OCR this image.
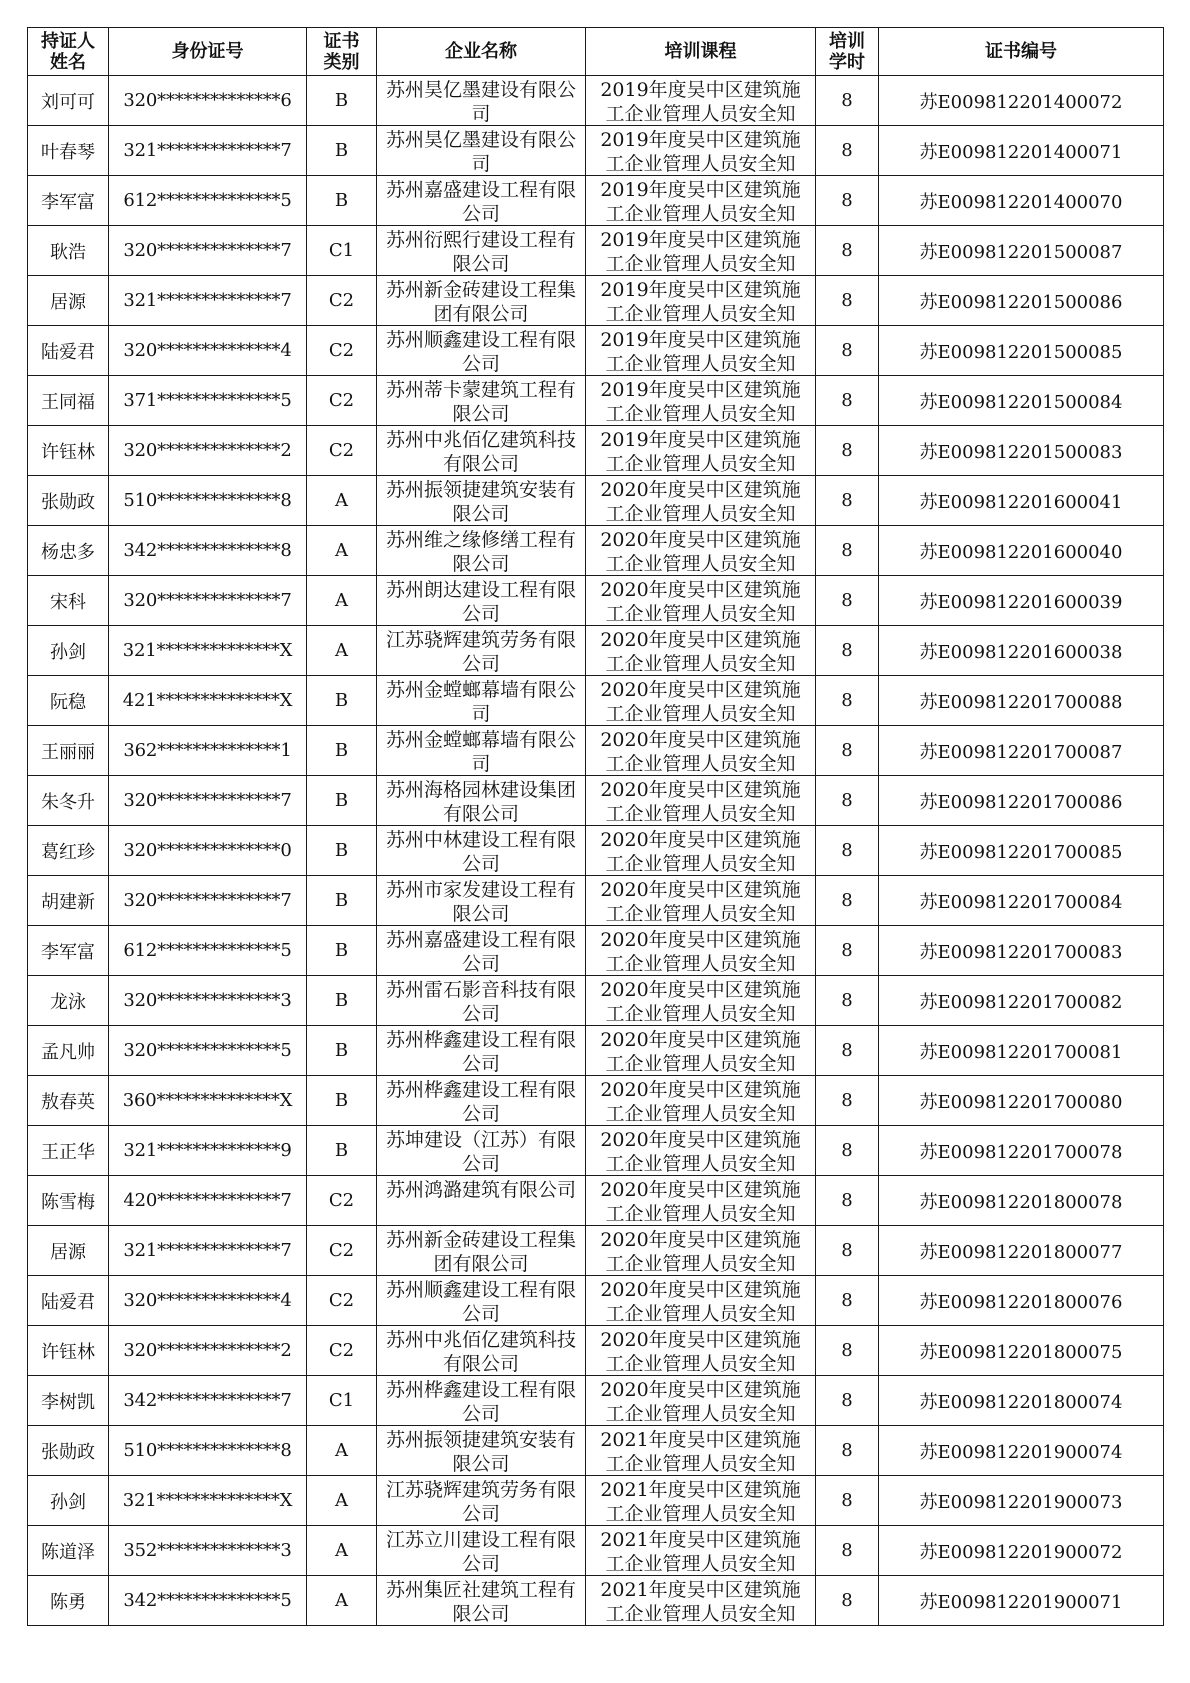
持证人姓名	身份证号	证书类别	企业名称	培训课程	培训学时	证书编号

刘可可	320**************6	B	苏州昊亿墨建设有限公司	2019年度吴中区建筑施工企业管理人员安全知	8	苏E009812201400072
叶春琴	321**************7	B	苏州昊亿墨建设有限公司	2019年度吴中区建筑施工企业管理人员安全知	8	苏E009812201400071
李军富	612**************5	B	苏州嘉盛建设工程有限公司	2019年度吴中区建筑施工企业管理人员安全知	8	苏E009812201400070
耿浩	320**************7	C1	苏州衍熙行建设工程有限公司	2019年度吴中区建筑施工企业管理人员安全知	8	苏E009812201500087
居源	321**************7	C2	苏州新金砖建设工程集团有限公司	2019年度吴中区建筑施工企业管理人员安全知	8	苏E009812201500086
陆爱君	320**************4	C2	苏州顺鑫建设工程有限公司	2019年度吴中区建筑施工企业管理人员安全知	8	苏E009812201500085
王同福	371**************5	C2	苏州蒂卡蒙建筑工程有限公司	2019年度吴中区建筑施工企业管理人员安全知	8	苏E009812201500084
许钰林	320**************2	C2	苏州中兆佰亿建筑科技有限公司	2019年度吴中区建筑施工企业管理人员安全知	8	苏E009812201500083
张勋政	510**************8	A	苏州振领捷建筑安装有限公司	2020年度吴中区建筑施工企业管理人员安全知	8	苏E009812201600041
杨忠多	342**************8	A	苏州维之缘修缮工程有限公司	2020年度吴中区建筑施工企业管理人员安全知	8	苏E009812201600040
宋科	320**************7	A	苏州朗达建设工程有限公司	2020年度吴中区建筑施工企业管理人员安全知	8	苏E009812201600039
孙剑	321**************X	A	江苏骁辉建筑劳务有限公司	2020年度吴中区建筑施工企业管理人员安全知	8	苏E009812201600038
阮稳	421**************X	B	苏州金螳螂幕墙有限公司	2020年度吴中区建筑施工企业管理人员安全知	8	苏E009812201700088
王丽丽	362**************1	B	苏州金螳螂幕墙有限公司	2020年度吴中区建筑施工企业管理人员安全知	8	苏E009812201700087
朱冬升	320**************7	B	苏州海格园林建设集团有限公司	2020年度吴中区建筑施工企业管理人员安全知	8	苏E009812201700086
葛红珍	320**************0	B	苏州中林建设工程有限公司	2020年度吴中区建筑施工企业管理人员安全知	8	苏E009812201700085
胡建新	320**************7	B	苏州市家发建设工程有限公司	2020年度吴中区建筑施工企业管理人员安全知	8	苏E009812201700084
李军富	612**************5	B	苏州嘉盛建设工程有限公司	2020年度吴中区建筑施工企业管理人员安全知	8	苏E009812201700083
龙泳	320**************3	B	苏州雷石影音科技有限公司	2020年度吴中区建筑施工企业管理人员安全知	8	苏E009812201700082
孟凡帅	320**************5	B	苏州桦鑫建设工程有限公司	2020年度吴中区建筑施工企业管理人员安全知	8	苏E009812201700081
敖春英	360**************X	B	苏州桦鑫建设工程有限公司	2020年度吴中区建筑施工企业管理人员安全知	8	苏E009812201700080
王正华	321**************9	B	苏坤建设（江苏）有限公司	2020年度吴中区建筑施工企业管理人员安全知	8	苏E009812201700078
陈雪梅	420**************7	C2	苏州鸿潞建筑有限公司	2020年度吴中区建筑施工企业管理人员安全知	8	苏E009812201800078
居源	321**************7	C2	苏州新金砖建设工程集团有限公司	2020年度吴中区建筑施工企业管理人员安全知	8	苏E009812201800077
陆爱君	320**************4	C2	苏州顺鑫建设工程有限公司	2020年度吴中区建筑施工企业管理人员安全知	8	苏E009812201800076
许钰林	320**************2	C2	苏州中兆佰亿建筑科技有限公司	2020年度吴中区建筑施工企业管理人员安全知	8	苏E009812201800075
李树凯	342**************7	C1	苏州桦鑫建设工程有限公司	2020年度吴中区建筑施工企业管理人员安全知	8	苏E009812201800074
张勋政	510**************8	A	苏州振领捷建筑安装有限公司	2021年度吴中区建筑施工企业管理人员安全知	8	苏E009812201900074
孙剑	321**************X	A	江苏骁辉建筑劳务有限公司	2021年度吴中区建筑施工企业管理人员安全知	8	苏E009812201900073
陈道泽	352**************3	A	江苏立川建设工程有限公司	2021年度吴中区建筑施工企业管理人员安全知	8	苏E009812201900072
陈勇	342**************5	A	苏州集匠社建筑工程有限公司	2021年度吴中区建筑施工企业管理人员安全知	8	苏E009812201900071
